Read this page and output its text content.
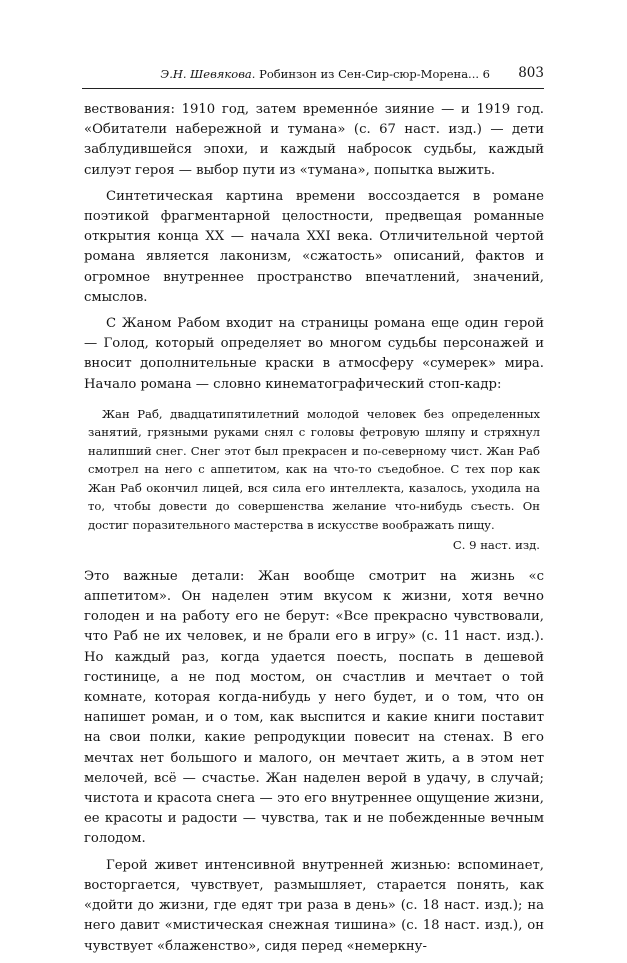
Э.Н. Шевякова. Робинзон из Сен-Сир-сюр-Морена... 6 803

вествования: 1910 год, затем временно́е зияние — и 1919 год. «Обитатели набережной и тумана» (с. 67 наст. изд.) — дети заблудившейся эпохи, и каждый набросок судьбы, каждый силуэт героя — выбор пути из «тумана», попытка выжить.

Синтетическая картина времени воссоздается в романе поэтикой фрагментарной целостности, предвещая романные открытия конца XX — начала XXI века. Отличительной чертой романа является лаконизм, «сжатость» описаний, фактов и огромное внутреннее пространство впечатлений, значений, смыслов.

С Жаном Рабом входит на страницы романа еще один герой — Голод, который определяет во многом судьбы персонажей и вносит дополнительные краски в атмосферу «сумерек» мира. Начало романа — словно кинематографический стоп-кадр:

Жан Раб, двадцатипятилетний молодой человек без определенных занятий, грязными руками снял с головы фетровую шляпу и стряхнул налипший снег. Снег этот был прекрасен и по-северному чист. Жан Раб смотрел на него с аппетитом, как на что-то съедобное. С тех пор как Жан Раб окончил лицей, вся сила его интеллекта, казалось, уходила на то, чтобы довести до совершенства желание что-нибудь съесть. Он достиг поразительного мастерства в искусстве воображать пищу.

С. 9 наст. изд.

Это важные детали: Жан вообще смотрит на жизнь «с аппетитом». Он наделен этим вкусом к жизни, хотя вечно голоден и на работу его не берут: «Все прекрасно чувствовали, что Раб не их человек, и не брали его в игру» (с. 11 наст. изд.). Но каждый раз, когда удается поесть, поспать в дешевой гостинице, а не под мостом, он счастлив и мечтает о той комнате, которая когда-нибудь у него будет, и о том, что он напишет роман, и о том, как выспится и какие книги поставит на свои полки, какие репродукции повесит на стенах. В его мечтах нет большого и малого, он мечтает жить, а в этом нет мелочей, всё — счастье. Жан наделен верой в удачу, в случай; чистота и красота снега — это его внутреннее ощущение жизни, ее красоты и радости — чувства, так и не побежденные вечным голодом.

Герой живет интенсивной внутренней жизнью: вспоминает, восторгается, чувствует, размышляет, старается понять, как «дойти до жизни, где едят три раза в день» (с. 18 наст. изд.); на него давит «мистическая снежная тишина» (с. 18 наст. изд.), он чувствует «блаженство», сидя перед «немеркну-
